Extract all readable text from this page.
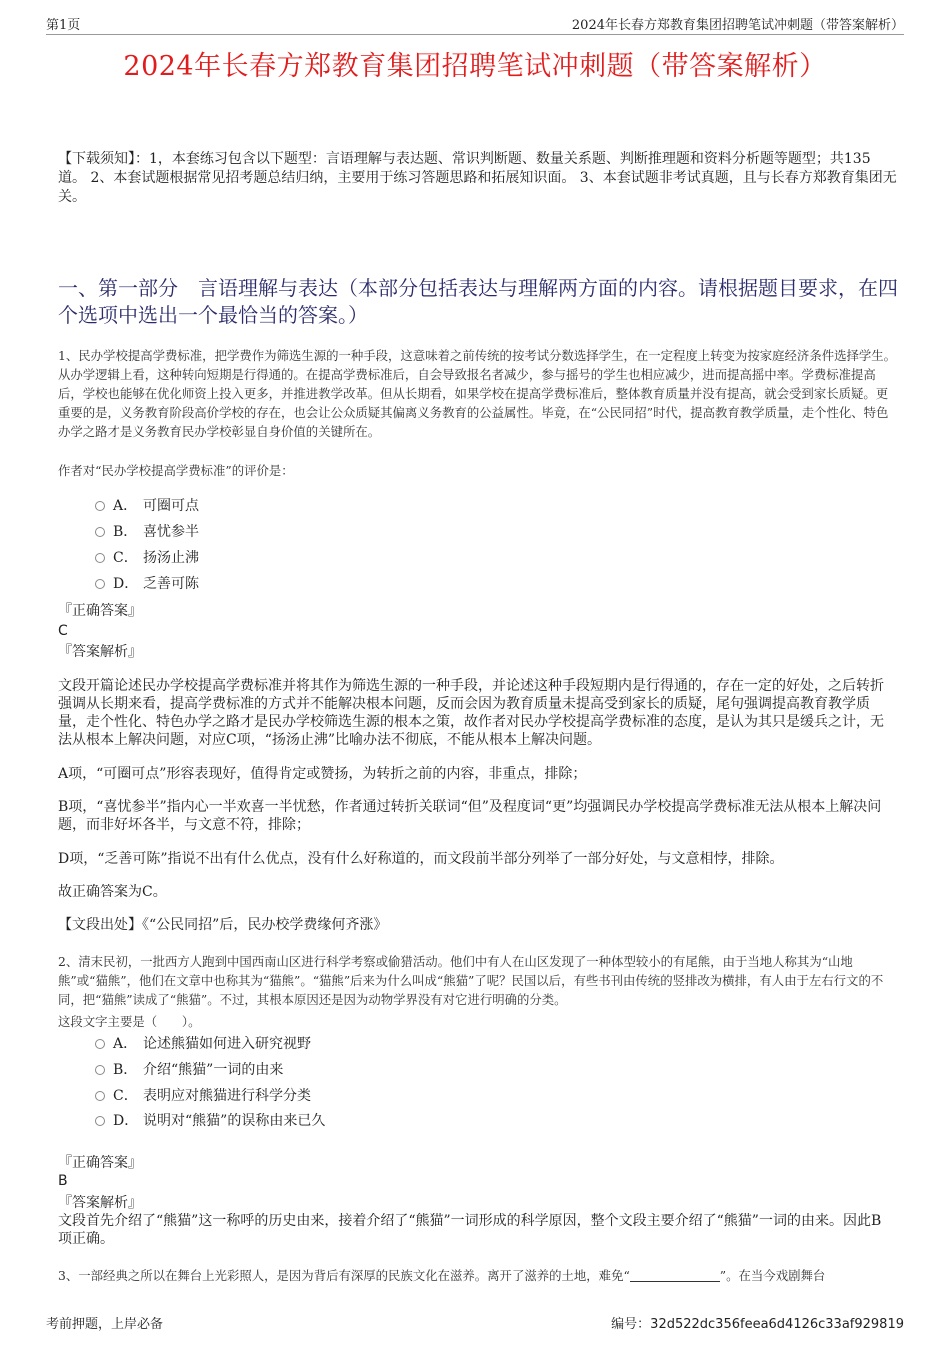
第1页	2024年长春方郑教育集团招聘笔试冲刺题（带答案解析）
2024年长春方郑教育集团招聘笔试冲刺题（带答案解析）
【下载须知】：1，本套练习包含以下题型：言语理解与表达题、常识判断题、数量关系题、判断推理题和资料分析题等题型；共135道。 2、本套试题根据常见招考题总结归纳，主要用于练习答题思路和拓展知识面。 3、本套试题非考试真题，且与长春方郑教育集团无关。
一、第一部分　言语理解与表达（本部分包括表达与理解两方面的内容。请根据题目要求，在四个选项中选出一个最恰当的答案。）
1、民办学校提高学费标准，把学费作为筛选生源的一种手段，这意味着之前传统的按考试分数选择学生，在一定程度上转变为按家庭经济条件选择学生。从办学逻辑上看，这种转向短期是行得通的。在提高学费标准后，自会导致报名者减少，参与摇号的学生也相应减少，进而提高摇中率。学费标准提高后，学校也能够在优化师资上投入更多，并推进教学改革。但从长期看，如果学校在提高学费标准后，整体教育质量并没有提高，就会受到家长质疑。更重要的是，义务教育阶段高价学校的存在，也会让公众质疑其偏离义务教育的公益属性。毕竟，在“公民同招”时代，提高教育教学质量，走个性化、特色办学之路才是义务教育民办学校彰显自身价值的关键所在。
作者对“民办学校提高学费标准”的评价是：
A． 可圈可点
B． 喜忧参半
C． 扬汤止沸
D． 乏善可陈
『正确答案』
C
『答案解析』
文段开篇论述民办学校提高学费标准并将其作为筛选生源的一种手段，并论述这种手段短期内是行得通的，存在一定的好处，之后转折强调从长期来看，提高学费标准的方式并不能解决根本问题，反而会因为教育质量未提高受到家长的质疑，尾句强调提高教育教学质量，走个性化、特色办学之路才是民办学校筛选生源的根本之策，故作者对民办学校提高学费标准的态度，是认为其只是缓兵之计，无法从根本上解决问题，对应C项，“扬汤止沸”比喻办法不彻底，不能从根本上解决问题。
A项，“可圈可点”形容表现好，值得肯定或赞扬，为转折之前的内容，非重点，排除；
B项，“喜忧参半”指内心一半欢喜一半忧愁，作者通过转折关联词“但”及程度词“更”均强调民办学校提高学费标准无法从根本上解决问题，而非好坏各半，与文意不符，排除；
D项，“乏善可陈”指说不出有什么优点，没有什么好称道的，而文段前半部分列举了一部分好处，与文意相悖，排除。
故正确答案为C。
【文段出处】《“公民同招”后，民办校学费缘何齐涨》
2、清末民初，一批西方人跑到中国西南山区进行科学考察或偷猎活动。他们中有人在山区发现了一种体型较小的有尾熊，由于当地人称其为“山地熊”或“猫熊”，他们在文章中也称其为“猫熊”。“猫熊”后来为什么叫成“熊猫”了呢？民国以后，有些书刊由传统的竖排改为横排，有人由于左右行文的不同，把“猫熊”读成了“熊猫”。不过，其根本原因还是因为动物学界没有对它进行明确的分类。
这段文字主要是（　　）。
A． 论述熊猫如何进入研究视野
B． 介绍“熊猫”一词的由来
C． 表明应对熊猫进行科学分类
D． 说明对“熊猫”的误称由来已久
『正确答案』
B
『答案解析』
文段首先介绍了“熊猫”这一称呼的历史由来，接着介绍了“熊猫”一词形成的科学原因，整个文段主要介绍了“熊猫”一词的由来。因此B项正确。
3、一部经典之所以在舞台上光彩照人，是因为背后有深厚的民族文化在滋养。离开了滋养的土地，难免“	”。在当今戏剧舞台
考前押题，上岸必备	编号：32d522dc356feea6d4126c33af929819
